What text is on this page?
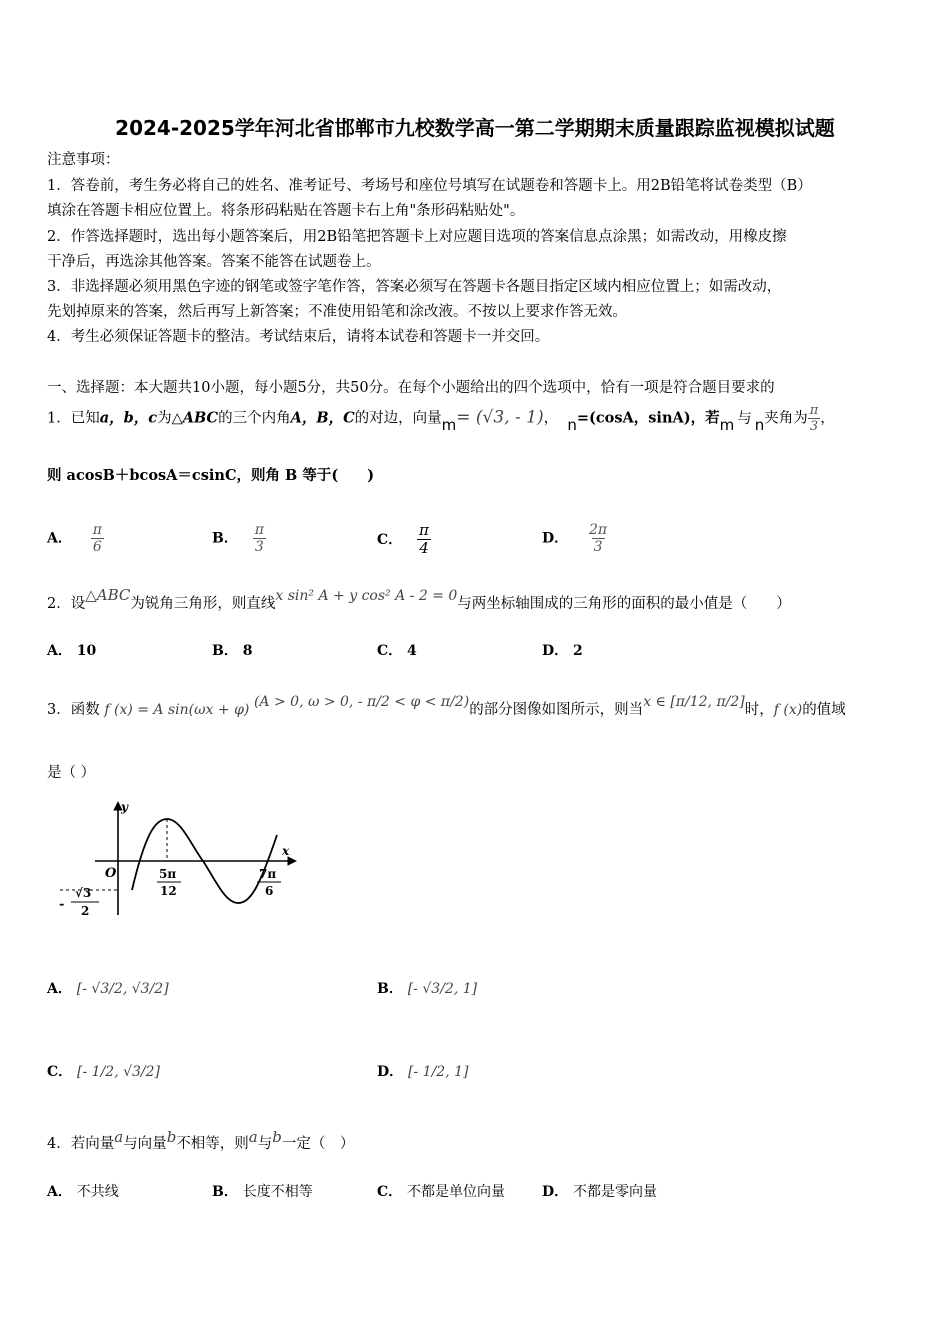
2024-2025学年河北省邯郸市九校数学高一第二学期期末质量跟踪监视模拟试题
注意事项：
1．答卷前，考生务必将自己的姓名、准考证号、考场号和座位号填写在试题卷和答题卡上。用2B铅笔将试卷类型（B）
填涂在答题卡相应位置上。将条形码粘贴在答题卡右上角"条形码粘贴处"。
2．作答选择题时，选出每小题答案后，用2B铅笔把答题卡上对应题目选项的答案信息点涂黑；如需改动，用橡皮擦
干净后，再选涂其他答案。答案不能答在试题卷上。
3．非选择题必须用黑色字迹的钢笔或签字笔作答，答案必须写在答题卡各题目指定区域内相应位置上；如需改动，
先划掉原来的答案，然后再写上新答案；不准使用铅笔和涂改液。不按以上要求作答无效。
4．考生必须保证答题卡的整洁。考试结束后，请将本试卷和答题卡一并交回。
一、选择题：本大题共10小题，每小题5分，共50分。在每个小题给出的四个选项中，恰有一项是符合题目要求的
1．已知a，b，c为△ABC的三个内角A，B，C的对边，向量m= (√3, - 1)， n=(cosA，sinA)，若m 与 n夹角为 $\frac{\pi}{3}$ ，
则 acosB＋bcosA＝csinC，则角 B 等于(　　)
A． $\frac{\pi}{6}$	B． $\frac{\pi}{3}$	C． $\frac{\pi}{4}$	D． $\frac{2\pi}{3}$
2．设△ABC为锐角三角形，则直线x sin² A + y cos² A - 2 = 0与两坐标轴围成的三角形的面积的最小值是（　　）
A． 10	B． 8	C． 4	D． 2
3．函数 f (x) = A sin(ωx + φ) (A > 0, ω > 0, - π/2 < φ < π/2)的部分图像如图所示，则当x ∈ [π/12, π/2]时，f (x)的值域
是（ ）
y
x
O	5π
12
7π
6
-
√3
2
A． [- √3/2, √3/2]	B． [- √3/2, 1]
C． [- 1/2, √3/2]	D． [- 1/2, 1]
4．若向量a与向量b不相等，则a与b一定（　）
A． 不共线	B． 长度不相等	C． 不都是单位向量	D． 不都是零向量
